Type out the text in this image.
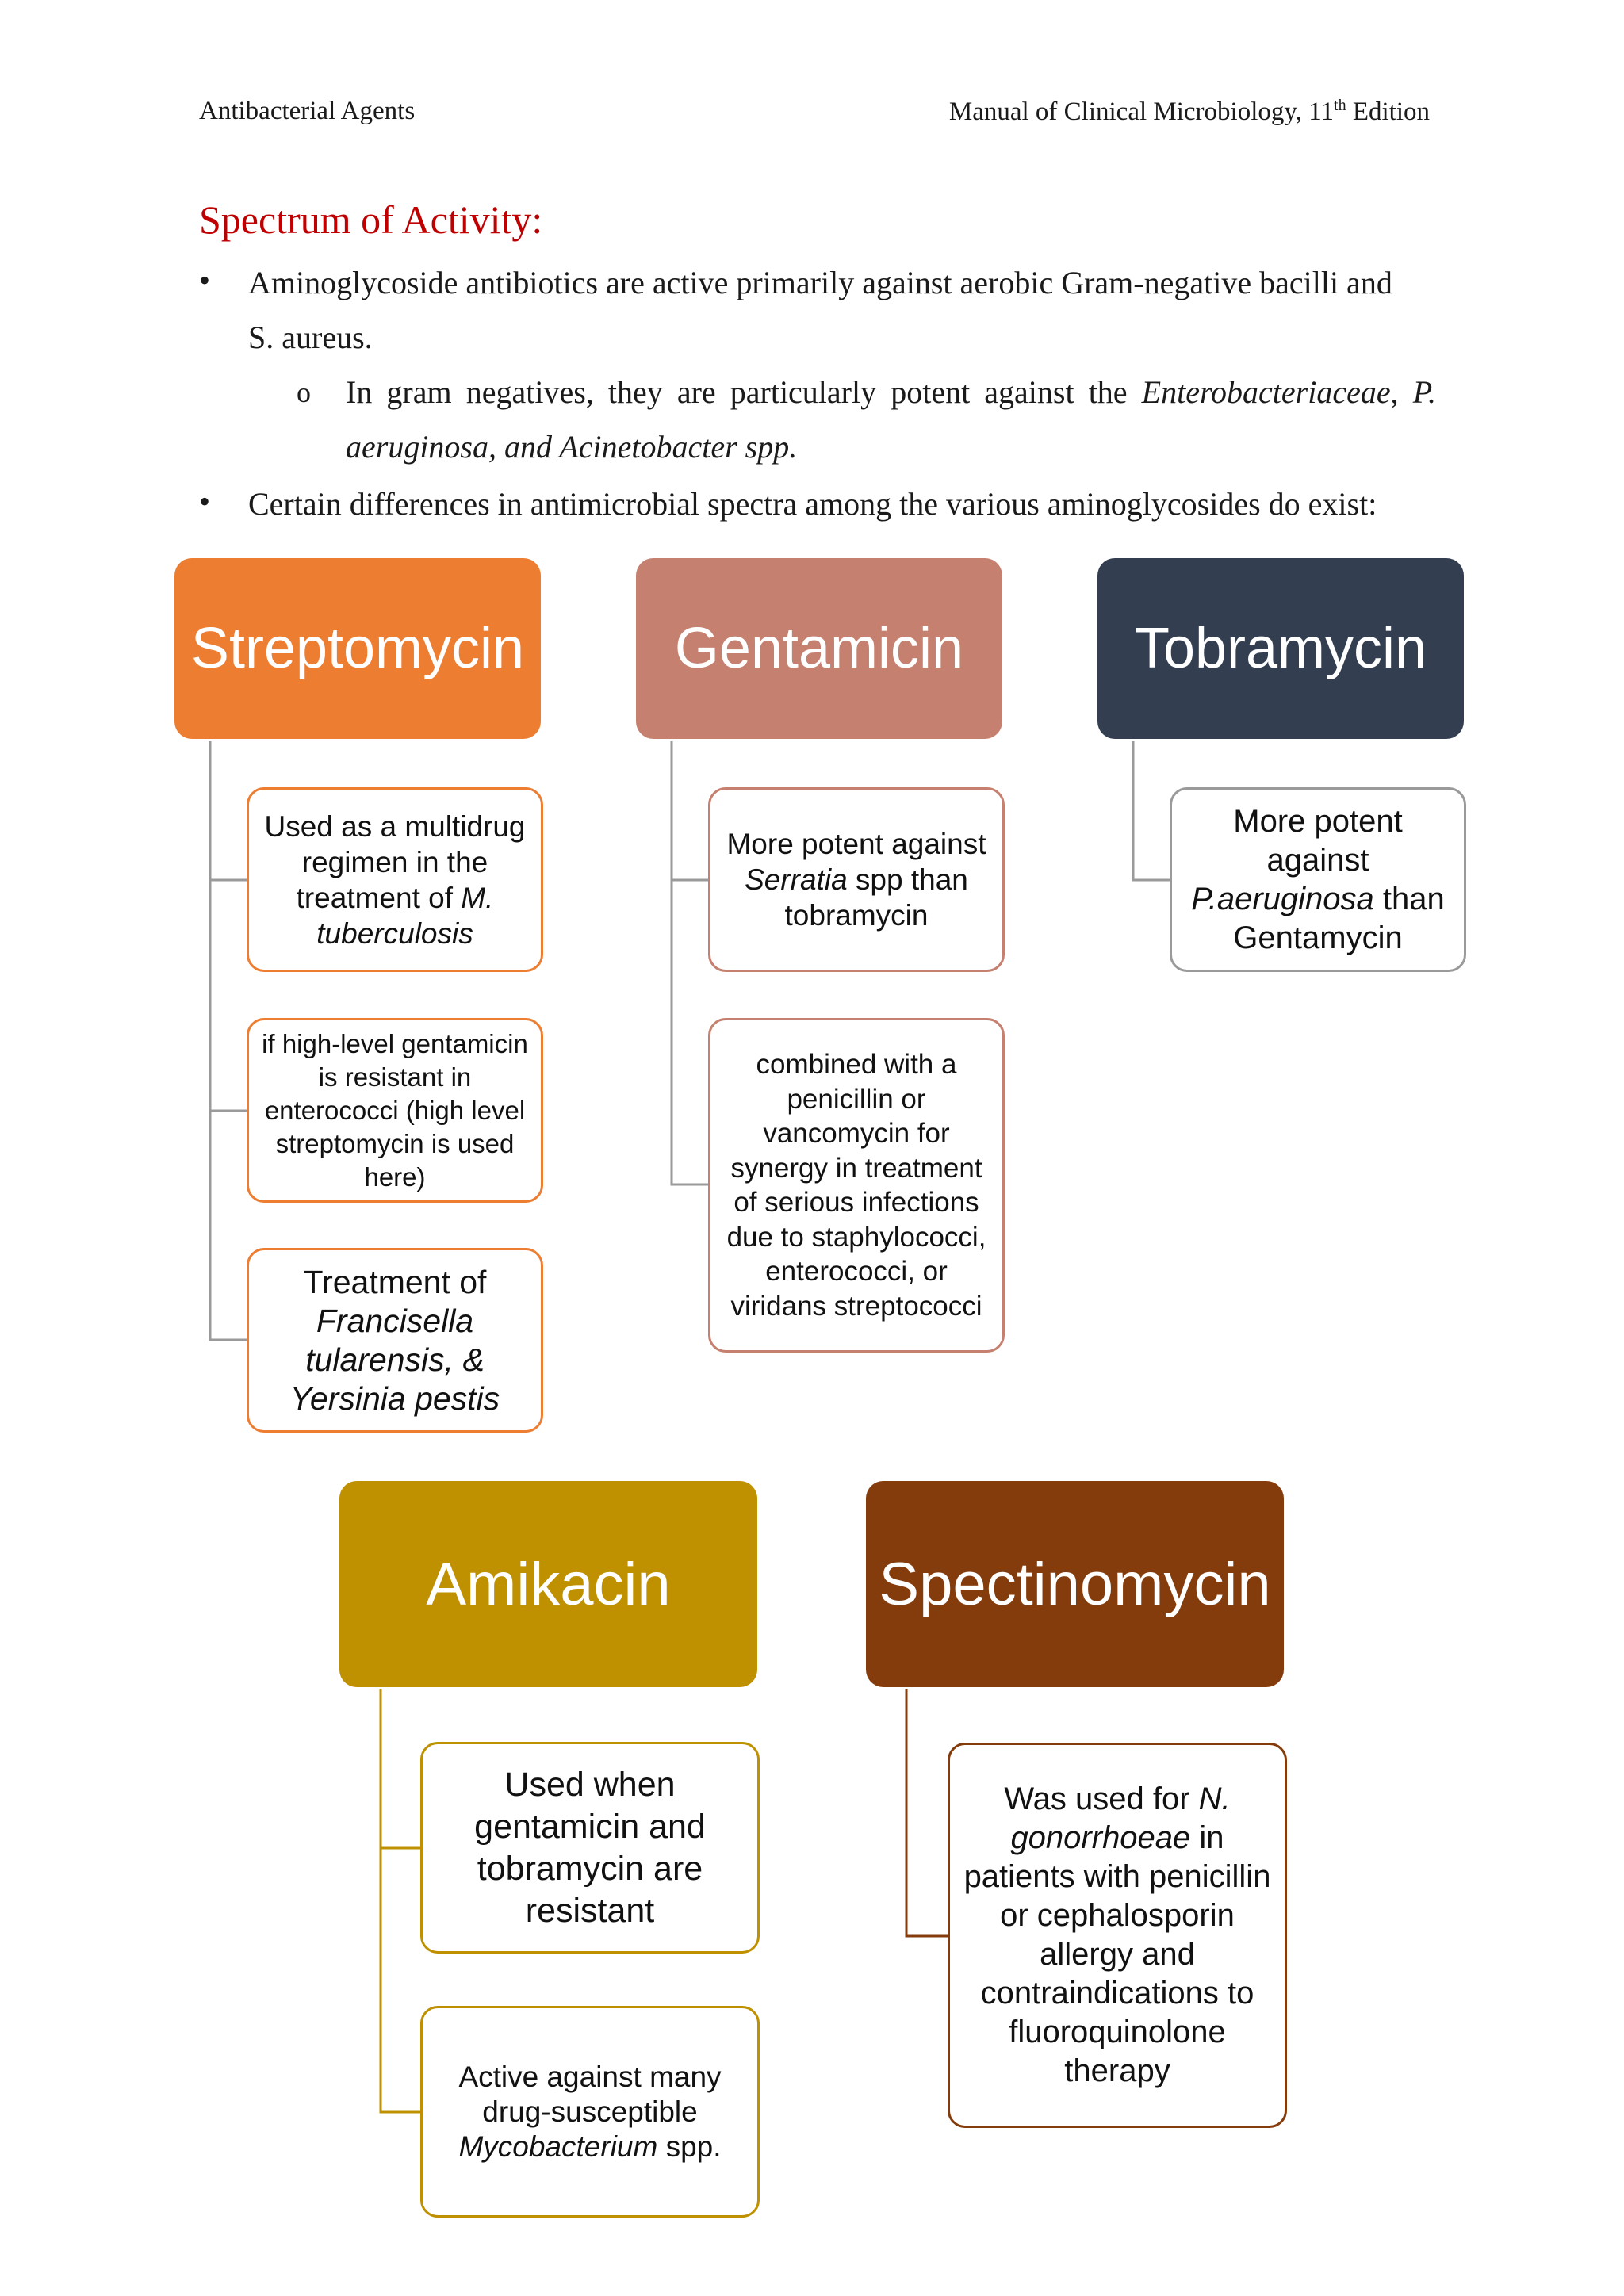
Antibacterial Agents	Manual of Clinical Microbiology, 11th Edition
Spectrum of Activity:
• Aminoglycoside antibiotics are active primarily against aerobic Gram-negative bacilli and
S. aureus.
o In gram negatives, they are particularly potent against the Enterobacteriaceae, P.
aeruginosa, and Acinetobacter spp.
• Certain differences in antimicrobial spectra among the various aminoglycosides do exist:
Streptomycin	Gentamicin	Tobramycin
Used as a multidrug regimen in the treatment of M. tuberculosis
if high-level gentamicin is resistant in enterococci (high level streptomycin is used here)
Treatment of Francisella tularensis, & Yersinia pestis
More potent against Serratia spp than tobramycin
combined with a penicillin or vancomycin for synergy in treatment of serious infections due to staphylococci, enterococci, or viridans streptococci
More potent against P.aeruginosa than Gentamycin
Amikacin	Spectinomycin
Used when gentamicin and tobramycin are resistant
Active against many drug-susceptible Mycobacterium spp.
Was used for N. gonorrhoeae in patients with penicillin or cephalosporin allergy and contraindications to fluoroquinolone therapy
